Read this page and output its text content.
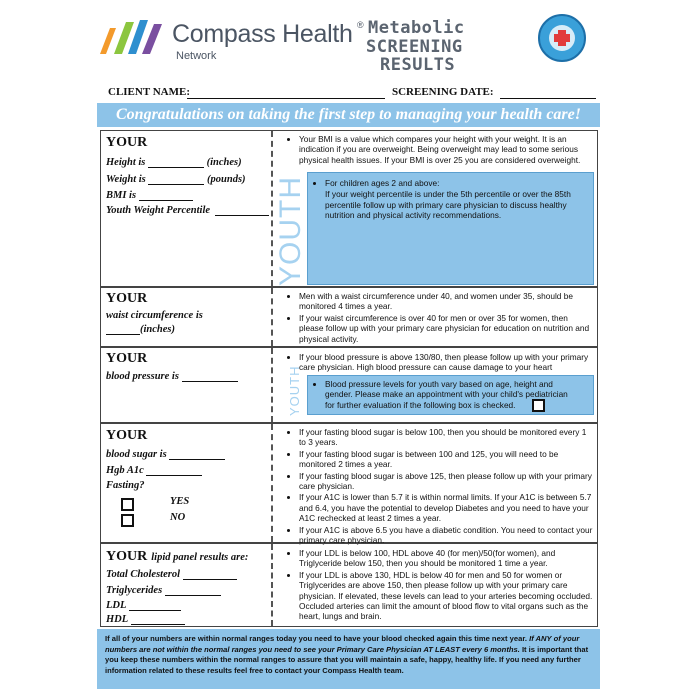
Compass Health ®
Network
Metabolic
SCREENING
RESULTS
CLIENT NAME:	SCREENING DATE:
Congratulations on taking the first step to managing your health care!
YOUR
Height is	(inches)
Weight is	(pounds)
BMI is
Youth Weight Percentile
• Your BMI is a value which compares your height with your weight. It is an indication if you are overweight. Being overweight may lead to some serious physical health issues. If your BMI is over 25 you are considered overweight.
YOUTH • For children ages 2 and above:
If your weight percentile is under the 5th percentile or over the 85th percentile follow up with primary care physician to discuss healthy nutrition and physical activity recommendations.
YOUR
waist circumference is
(inches)
• Men with a waist circumference under 40, and women under 35, should be monitored 4 times a year.
• If your waist circumference is over 40 for men or over 35 for women, then please follow up with your primary care physician for education on nutrition and physical activity.
YOUR
blood pressure is
• If your blood pressure is above 130/80, then please follow up with your primary care physician. High blood pressure can cause damage to your heart
YOUTH	• Blood pressure levels for youth vary based on age, height and gender. Please make an appointment with your child's pediatrician for further evaluation if the following box is checked.
YOUR
blood sugar is
Hgb A1c
Fasting?
YES
NO
• If your fasting blood sugar is below 100, then you should be monitored every 1 to 3 years.
• If your fasting blood sugar is between 100 and 125, you will need to be monitored 2 times a year.
• If your fasting blood sugar is above 125, then please follow up with your primary care physician.
• If your A1C is lower than 5.7 it is within normal limits. If your A1C is between 5.7 and 6.4, you have the potential to develop Diabetes and you need to have your A1C rechecked at least 2 times a year.
• If your A1C is above 6.5 you have a diabetic condition. You need to contact your primary care physician.
YOUR lipid panel results are:
Total Cholesterol
Triglycerides
LDL
HDL
• If your LDL is below 100, HDL above 40 (for men)/50(for women), and Triglyceride below 150, then you should be monitored 1 time a year.
• If your LDL is above 130, HDL is below 40 for men and 50 for women or Triglycerides are above 150, then please follow up with your primary care physician. If elevated, these levels can lead to your arteries becoming occluded. Occluded arteries can limit the amount of blood flow to vital organs such as the heart, lungs and brain.
If all of your numbers are within normal ranges today you need to have your blood checked again this time next year. If ANY of your numbers are not within the normal ranges you need to see your Primary Care Physician AT LEAST every 6 months. It is important that you keep these numbers within the normal ranges to assure that you will maintain a safe, happy, healthy life. If you need any further information related to these results feel free to contact your Compass Health team.
